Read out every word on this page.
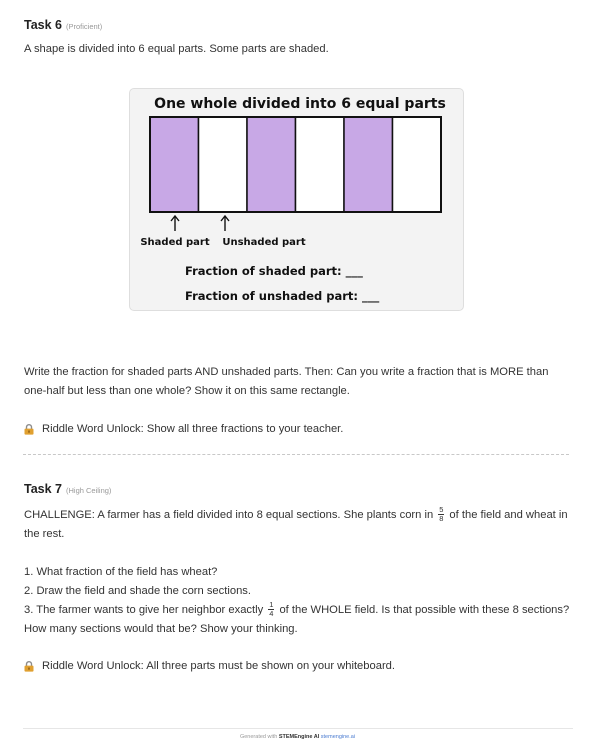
Task 6 (Proficient)
A shape is divided into 6 equal parts. Some parts are shaded.
One whole divided into 6 equal parts
Shaded part Unshaded part
Fraction of shaded part: ___
Fraction of unshaded part: ___
Write the fraction for shaded parts AND unshaded parts. Then: Can you write a fraction that is MORE than one-half but less than one whole? Show it on this same rectangle.
Riddle Word Unlock: Show all three fractions to your teacher.
Task 7 (High Ceiling)
CHALLENGE: A farmer has a field divided into 8 equal sections. She plants corn in $\frac{5}{8}$ of the field and wheat in the rest.
1. What fraction of the field has wheat?
2. Draw the field and shade the corn sections.
3. The farmer wants to give her neighbor exactly $\frac{1}{4}$ of the WHOLE field. Is that possible with these 8 sections? How many sections would that be? Show your thinking.
Riddle Word Unlock: All three parts must be shown on your whiteboard.
Generated with STEMEngine AI stemengine.ai
